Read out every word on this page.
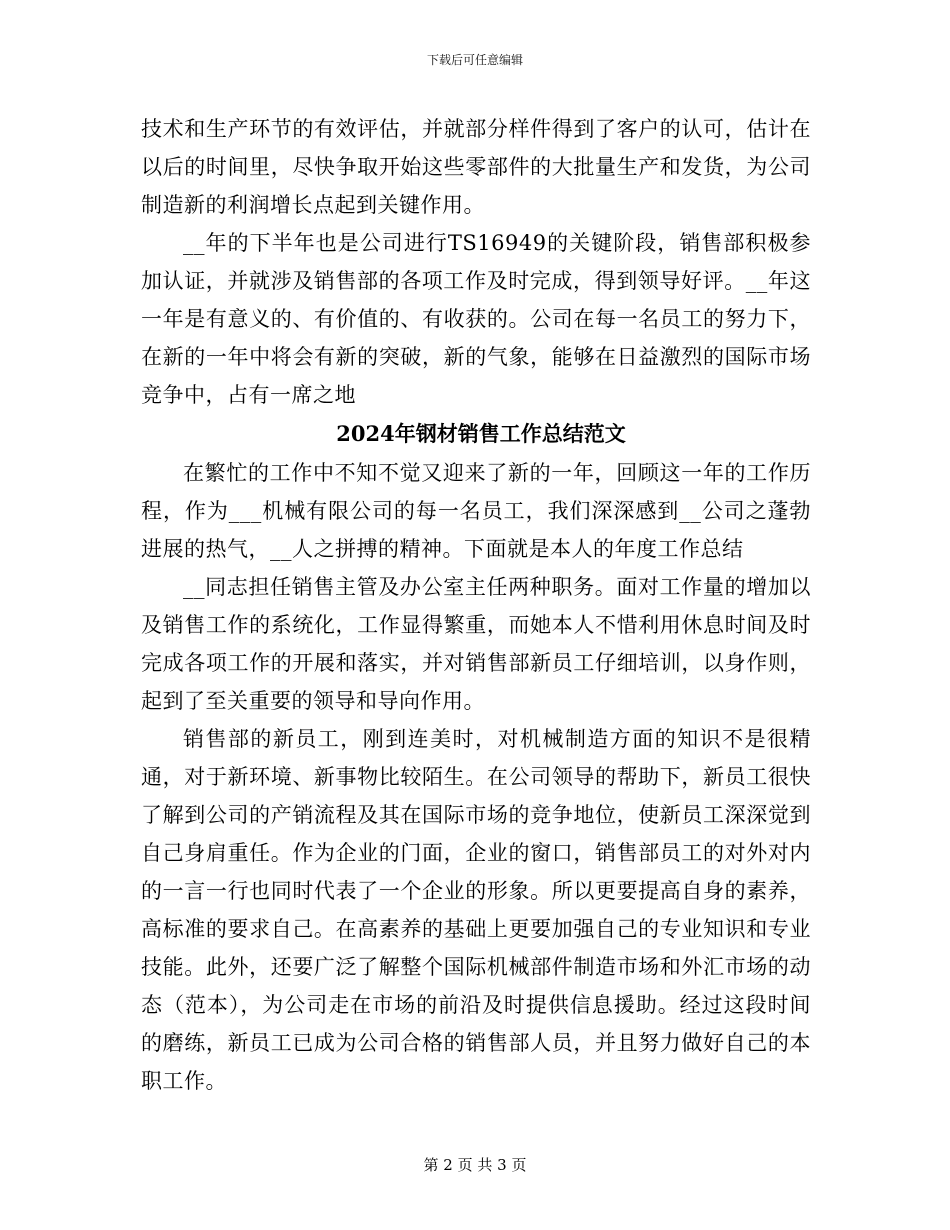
下载后可任意编辑

技术和生产环节的有效评估，并就部分样件得到了客户的认可，估计在以后的时间里，尽快争取开始这些零部件的大批量生产和发货，为公司制造新的利润增长点起到关键作用。

__年的下半年也是公司进行TS16949的关键阶段，销售部积极参加认证，并就涉及销售部的各项工作及时完成，得到领导好评。__年这一年是有意义的、有价值的、有收获的。公司在每一名员工的努力下，在新的一年中将会有新的突破，新的气象，能够在日益激烈的国际市场竞争中，占有一席之地

2024年钢材销售工作总结范文

在繁忙的工作中不知不觉又迎来了新的一年，回顾这一年的工作历程，作为___机械有限公司的每一名员工，我们深深感到__公司之蓬勃进展的热气，__人之拼搏的精神。下面就是本人的年度工作总结

__同志担任销售主管及办公室主任两种职务。面对工作量的增加以及销售工作的系统化，工作显得繁重，而她本人不惜利用休息时间及时完成各项工作的开展和落实，并对销售部新员工仔细培训，以身作则，起到了至关重要的领导和导向作用。

销售部的新员工，刚到连美时，对机械制造方面的知识不是很精通，对于新环境、新事物比较陌生。在公司领导的帮助下，新员工很快了解到公司的产销流程及其在国际市场的竞争地位，使新员工深深觉到自己身肩重任。作为企业的门面，企业的窗口，销售部员工的对外对内的一言一行也同时代表了一个企业的形象。所以更要提高自身的素养，高标准的要求自己。在高素养的基础上更要加强自己的专业知识和专业技能。此外，还要广泛了解整个国际机械部件制造市场和外汇市场的动态（范本），为公司走在市场的前沿及时提供信息援助。经过这段时间的磨练，新员工已成为公司合格的销售部人员，并且努力做好自己的本职工作。

第 2 页 共 3 页
